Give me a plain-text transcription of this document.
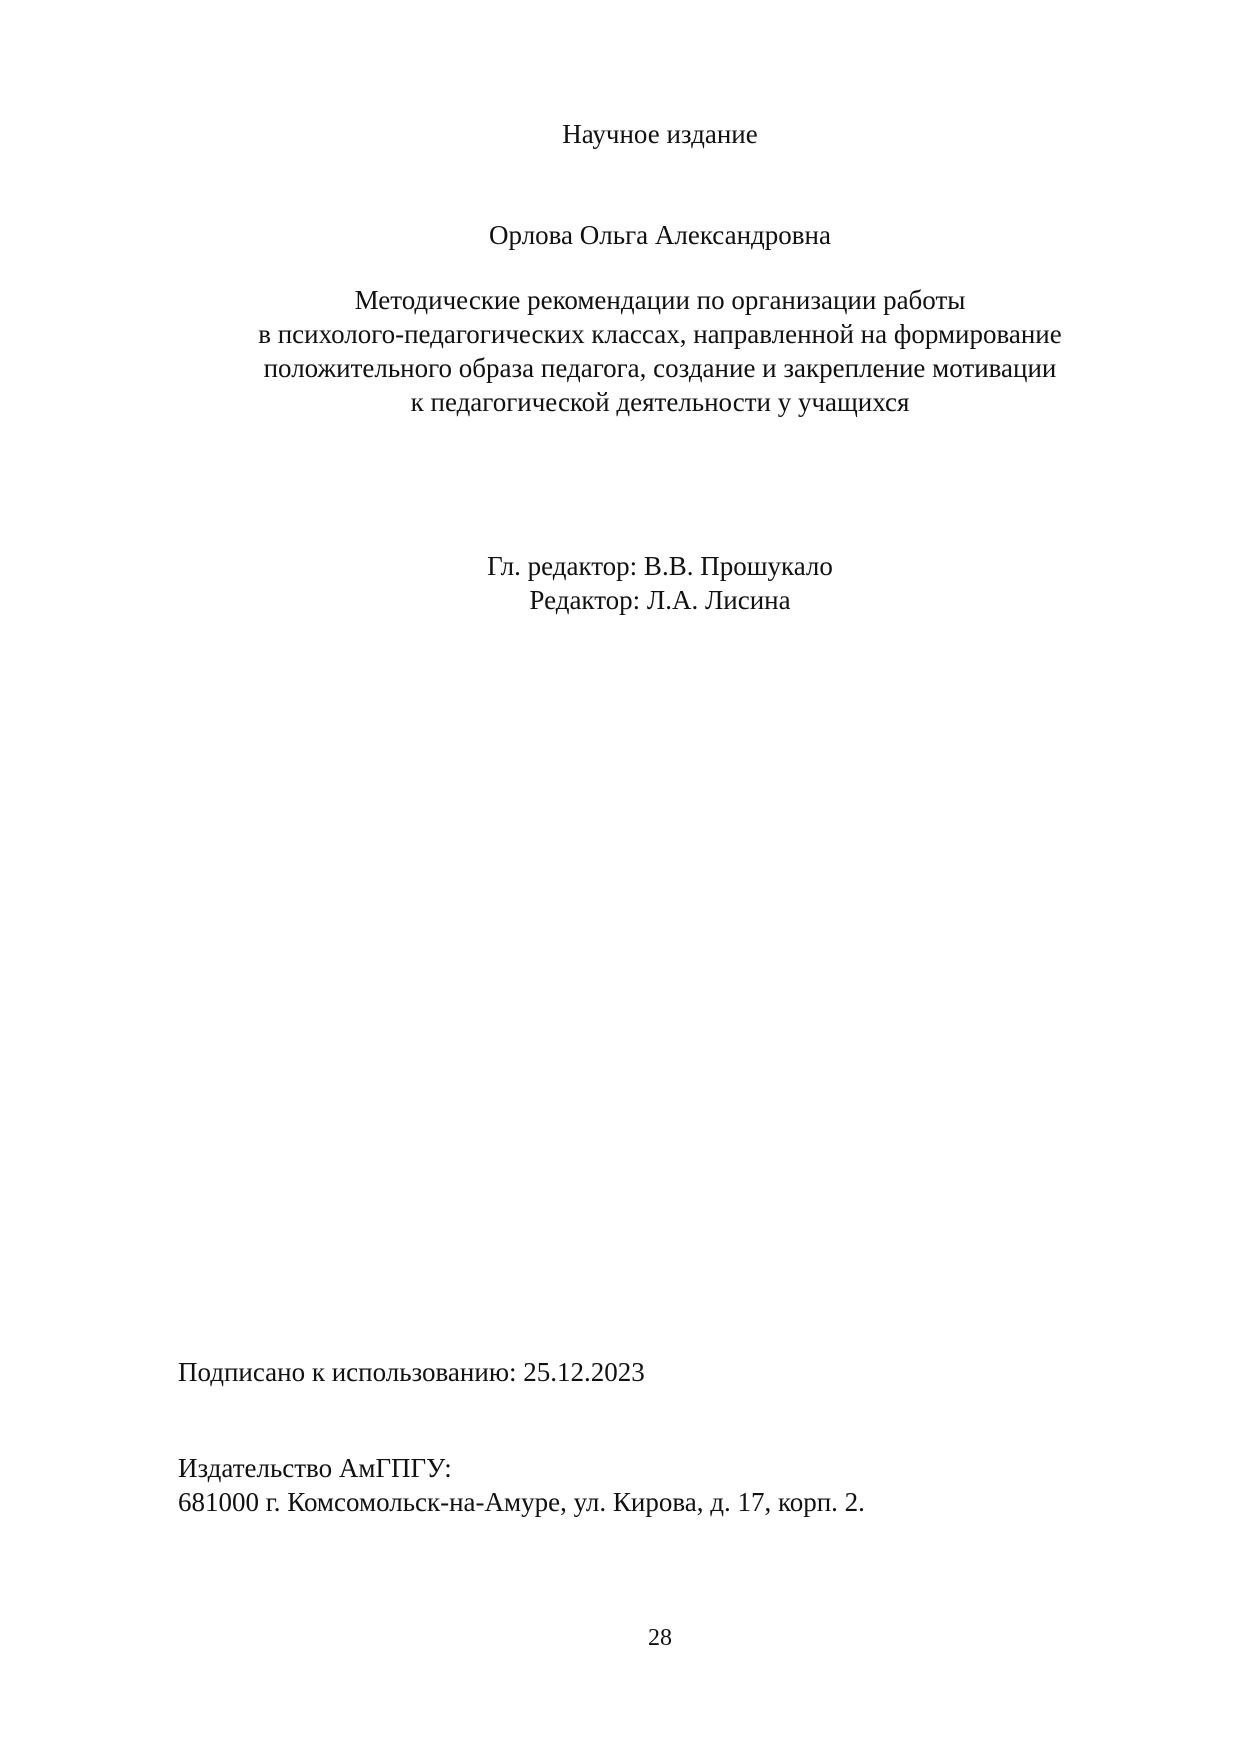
Научное издание
Орлова Ольга Александровна
Методические рекомендации по организации работы
в психолого-педагогических классах, направленной на формирование
положительного образа педагога, создание и закрепление мотивации
к педагогической деятельности у учащихся
Гл. редактор: В.В. Прошукало
Редактор: Л.А. Лисина
Подписано к использованию: 25.12.2023
Издательство АмГПГУ:
681000 г. Комсомольск-на-Амуре, ул. Кирова, д. 17, корп. 2.
28
